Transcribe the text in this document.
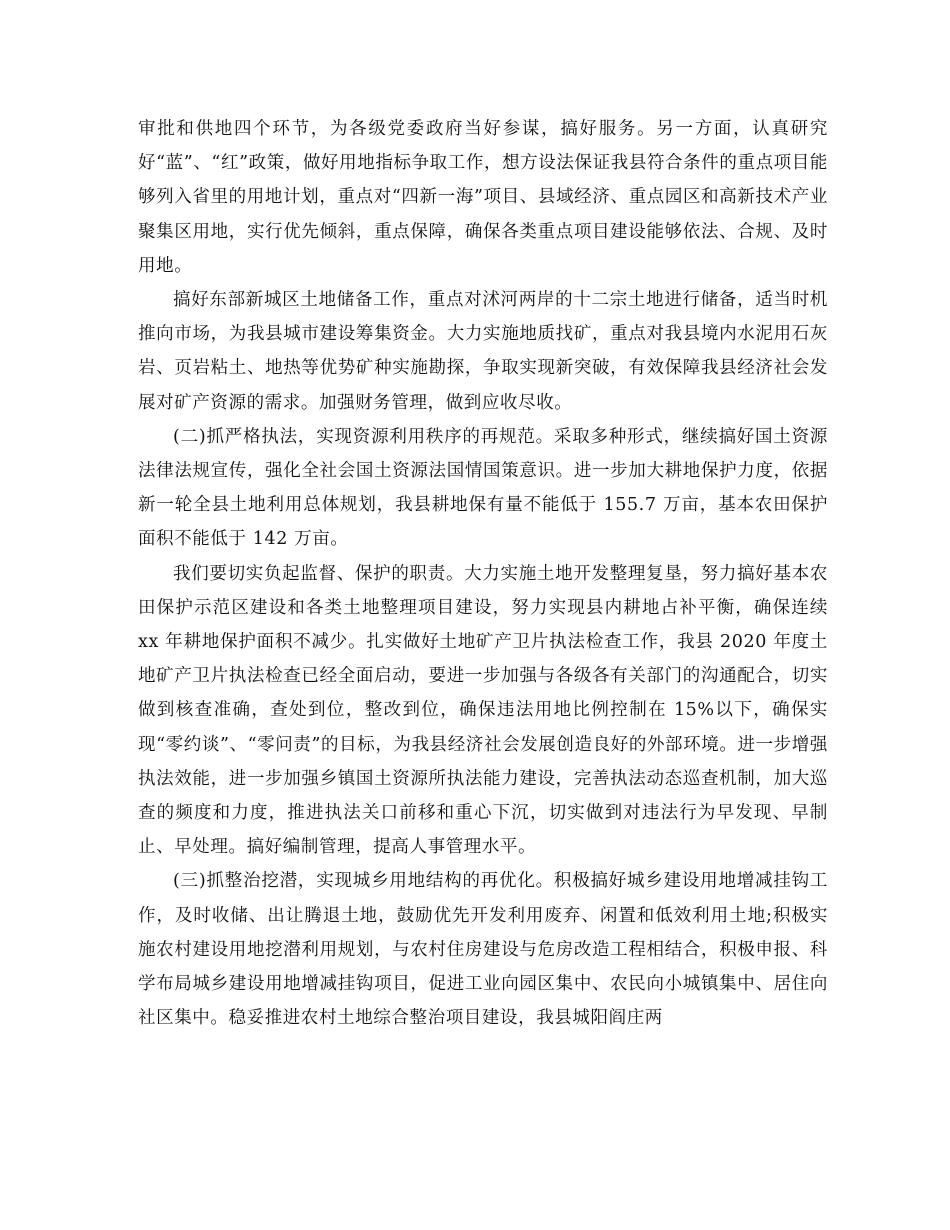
审批和供地四个环节，为各级党委政府当好参谋，搞好服务。另一方面，认真研究好“蓝”、“红”政策，做好用地指标争取工作，想方设法保证我县符合条件的重点项目能够列入省里的用地计划，重点对“四新一海”项目、县域经济、重点园区和高新技术产业聚集区用地，实行优先倾斜，重点保障，确保各类重点项目建设能够依法、合规、及时用地。

搞好东部新城区土地储备工作，重点对沭河两岸的十二宗土地进行储备，适当时机推向市场，为我县城市建设筹集资金。大力实施地质找矿，重点对我县境内水泥用石灰岩、页岩粘土、地热等优势矿种实施勘探，争取实现新突破，有效保障我县经济社会发展对矿产资源的需求。加强财务管理，做到应收尽收。

(二)抓严格执法，实现资源利用秩序的再规范。采取多种形式，继续搞好国土资源法律法规宣传，强化全社会国土资源法国情国策意识。进一步加大耕地保护力度，依据新一轮全县土地利用总体规划，我县耕地保有量不能低于 155.7 万亩，基本农田保护面积不能低于 142 万亩。

我们要切实负起监督、保护的职责。大力实施土地开发整理复垦，努力搞好基本农田保护示范区建设和各类土地整理项目建设，努力实现县内耕地占补平衡，确保连续 xx 年耕地保护面积不减少。扎实做好土地矿产卫片执法检查工作，我县 2020 年度土地矿产卫片执法检查已经全面启动，要进一步加强与各级各有关部门的沟通配合，切实做到核查准确，查处到位，整改到位，确保违法用地比例控制在 15%以下，确保实现“零约谈”、“零问责”的目标，为我县经济社会发展创造良好的外部环境。进一步增强执法效能，进一步加强乡镇国土资源所执法能力建设，完善执法动态巡查机制，加大巡查的频度和力度，推进执法关口前移和重心下沉，切实做到对违法行为早发现、早制止、早处理。搞好编制管理，提高人事管理水平。

(三)抓整治挖潜，实现城乡用地结构的再优化。积极搞好城乡建设用地增减挂钩工作，及时收储、出让腾退土地，鼓励优先开发利用废弃、闲置和低效利用土地;积极实施农村建设用地挖潜利用规划，与农村住房建设与危房改造工程相结合，积极申报、科学布局城乡建设用地增减挂钩项目，促进工业向园区集中、农民向小城镇集中、居住向社区集中。稳妥推进农村土地综合整治项目建设，我县城阳阎庄两
